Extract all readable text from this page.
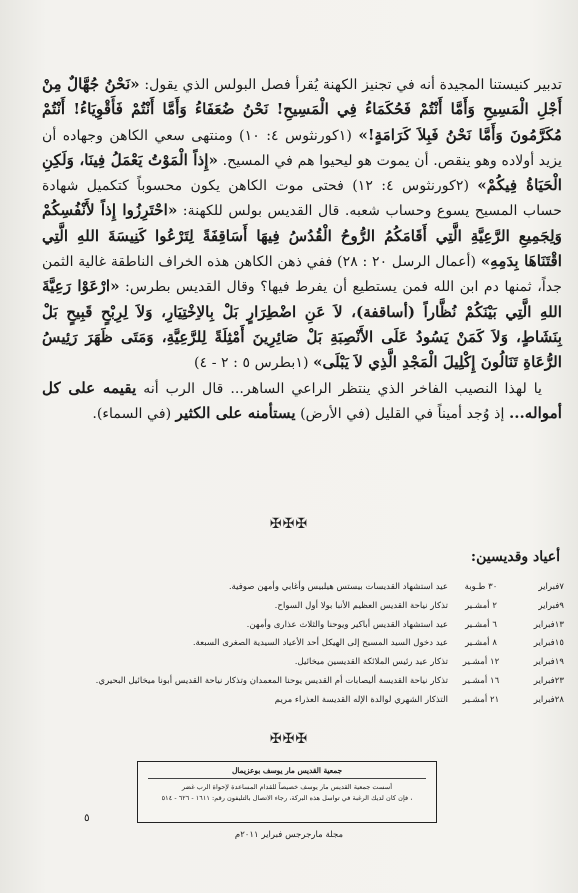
تدبير كنيستنا المجيدة أنه في تجنيز الكهنة يُقرأ فصل البولس الذي يقول: «نَحْنُ جُهَّالٌ مِنْ أَجْلِ الْمَسِيحِ وَأَمَّا أَنْتُمْ فَحُكَمَاءُ فِي الْمَسِيحِ! نَحْنُ ضُعَفَاءُ وَأَمَّا أَنْتُمْ فَأَقْوِيَاءُ! أَنْتُمْ مُكَرَّمُونَ وَأَمَّا نَحْنُ فَبِلاَ كَرَامَةٍ!» (١كورنثوس ٤: ١٠) ومنتهى سعي الكاهن وجهاده أن يزيد أولاده وهو ينقص. أن يموت هو ليحيوا هم في المسيح. «إِذاً الْمَوْتُ يَعْمَلُ فِينَا، وَلَكِنِ الْحَيَاةُ فِيكُمْ» (٢كورنثوس ٤: ١٢) فحتى موت الكاهن يكون محسوباً كتكميل شهادة حساب المسيح يسوع وحساب شعبه. قال القديس بولس للكهنة: «احْتَرِزُوا إِذاً لأَنْفُسِكُمْ وَلِجَمِيعِ الرَّعِيَّةِ الَّتِي أَقَامَكُمُ الرُّوحُ الْقُدُسُ فِيهَا أَسَاقِفَةً لِتَرْعُوا كَنِيسَةَ اللهِ الَّتِي اقْتَنَاهَا بِدَمِهِ» (أعمال الرسل ٢٠ : ٢٨) ففي ذهن الكاهن هذه الخراف الناطقة غالية الثمن جداً، ثمنها دم ابن الله فمن يستطيع أن يفرط فيها؟ وقال القديس بطرس: «ارْعَوْا رَعِيَّةَ اللهِ الَّتِي بَيْنَكُمْ نُظَّاراً (أساقفة)، لاَ عَنِ اضْطِرَارٍ بَلْ بِالاِخْتِيَارِ، وَلاَ لِرِبْحٍ قَبِيحٍ بَلْ بِنَشَاطٍ، وَلاَ كَمَنْ يَسُودُ عَلَى الأَنْصِبَةِ بَلْ صَائِرِينَ أَمْثِلَةً لِلرَّعِيَّةِ، وَمَتَى ظَهَرَ رَئِيسُ الرُّعَاةِ تَنَالُونَ إِكْلِيلَ الْمَجْدِ الَّذِي لاَ يَبْلَى» (١بطرس ٥ : ٢ - ٤)

يا لهذا النصيب الفاخر الذي ينتظر الراعي الساهر... قال الرب أنه يقيمه على كل أمواله... إذ وُجد أميناً في القليل (في الأرض) يستأمنه على الكثير (في السماء).

✠✠✠
أعياد وقديسين:
٧فبراير
٣٠ طـوبة
عيد استشهاد القديسات بيستس هيلبيس وأغابي وأمهن صوفية.
٩فبراير
٢ أمشـير
تذكار نياحة القديس العظيم الأنبا بولا أول السواح.
١٣فبراير
٦ أمشـير
عيد استشهاد القديس أباكير ويوحنا والثلاث عذارى وأمهن.
١٥فبراير
٨ أمشـير
عيد دخول السيد المسيح إلى الهيكل أحد الأعياد السيدية الصغرى السبعة.
١٩فبراير
١٢ أمشـير
تذكار عيد رئيس الملائكة القديسين ميخائيل.
٢٣فبراير
١٦ أمشـير
تذكار نياحة القديسة أليصابات أم القديس يوحنا المعمدان وتذكار نياحة القديس أبونا ميخائيل البحيري.
٢٨فبراير
٢١ أمشـير
التذكار الشهري لوالدة الإله القديسة العذراء مريم
✠✠✠
جمعية القديس مار يوسف بوعزيمال
أسست جمعية القديس مار يوسف خصيصاً للقدام المساعدة لإحواة الرب غضر
، فإن كان لديك الرغبة في تواسل هذه البركة، رجاء الاتصال بالتليفون رقم: ١٦١١ - ٦٢٦ - ٥١٤
٥
مجلة مارجرجس فبراير ٢٠١١م
